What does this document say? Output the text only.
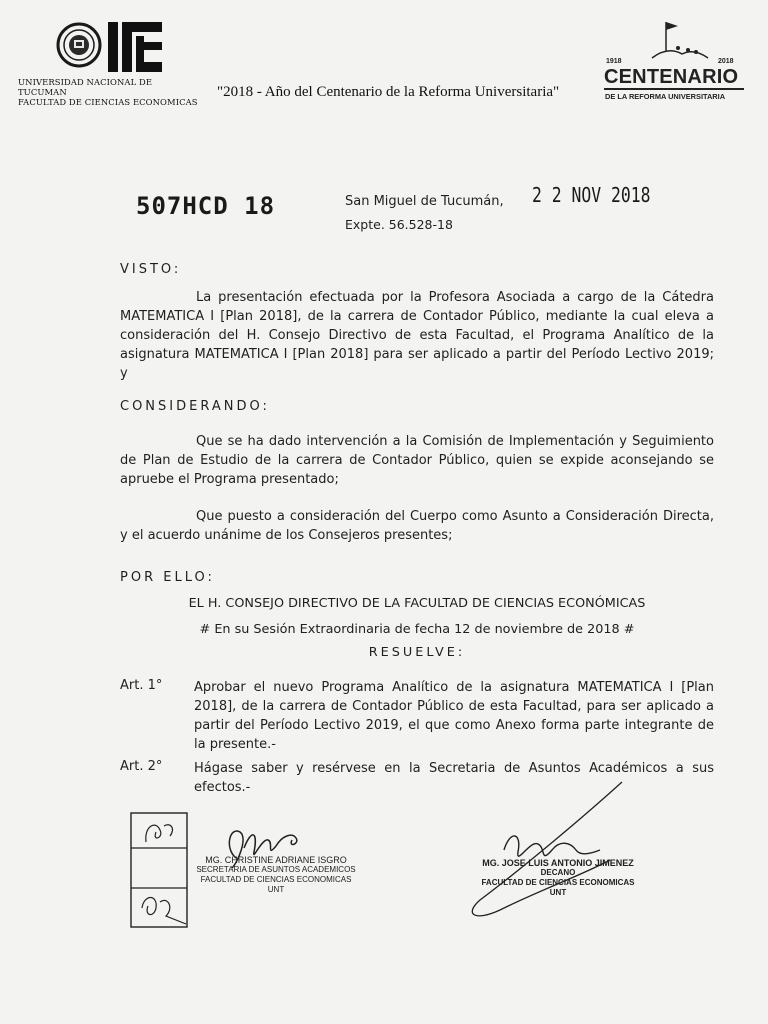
UNIVERSIDAD NACIONAL DE TUCUMAN
FACULTAD DE CIENCIAS ECONOMICAS
"2018 - Año del Centenario de la Reforma Universitaria"
1918	2018
CENTENARIO
DE LA REFORMA UNIVERSITARIA
507HCD 18	San Miguel de Tucumán, 2 2 NOV 2018
Expte. 56.528-18
VISTO:
La presentación efectuada por la Profesora Asociada a cargo de la Cátedra MATEMATICA I [Plan 2018], de la carrera de Contador Público, mediante la cual eleva a consideración del H. Consejo Directivo de esta Facultad, el Programa Analítico de la asignatura MATEMATICA I [Plan 2018] para ser aplicado a partir del Período Lectivo 2019; y
CONSIDERANDO:
Que se ha dado intervención a la Comisión de Implementación y Seguimiento de Plan de Estudio de la carrera de Contador Público, quien se expide aconsejando se apruebe el Programa presentado;
Que puesto a consideración del Cuerpo como Asunto a Consideración Directa, y el acuerdo unánime de los Consejeros presentes;
POR ELLO:
EL H. CONSEJO DIRECTIVO DE LA FACULTAD DE CIENCIAS ECONÓMICAS
# En su Sesión Extraordinaria de fecha 12 de noviembre de 2018 #
RESUELVE:
Art. 1° Aprobar el nuevo Programa Analítico de la asignatura MATEMATICA I [Plan 2018], de la carrera de Contador Público de esta Facultad, para ser aplicado a partir del Período Lectivo 2019, el que como Anexo forma parte integrante de la presente.-
Art. 2° Hágase saber y resérvese en la Secretaria de Asuntos Académicos a sus efectos.-
MG. CHRISTINE ADRIANE ISGRO
SECRETARIA DE ASUNTOS ACADEMICOS
FACULTAD DE CIENCIAS ECONOMICAS
UNT
MG. JOSE LUIS ANTONIO JIMENEZ
DECANO
FACULTAD DE CIENCIAS ECONOMICAS
UNT
